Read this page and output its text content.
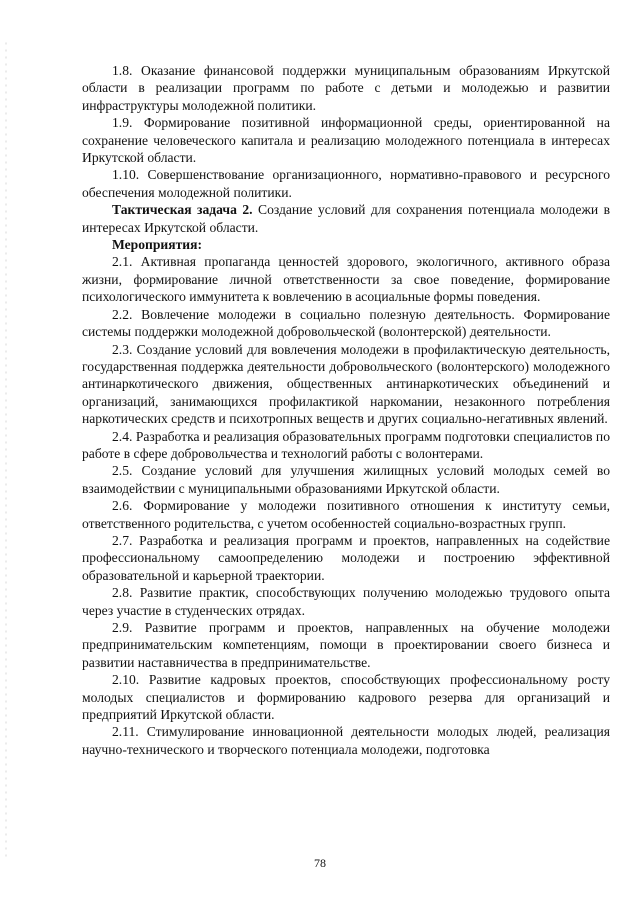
1.8. Оказание финансовой поддержки муниципальным образованиям Иркутской области в реализации программ по работе с детьми и молодежью и развитии инфраструктуры молодежной политики.

1.9. Формирование позитивной информационной среды, ориентированной на сохранение человеческого капитала и реализацию молодежного потенциала в интересах Иркутской области.

1.10. Совершенствование организационного, нормативно-правового и ресурсного обеспечения молодежной политики.

Тактическая задача 2. Создание условий для сохранения потенциала молодежи в интересах Иркутской области.

Мероприятия:

2.1. Активная пропаганда ценностей здорового, экологичного, активного образа жизни, формирование личной ответственности за свое поведение, формирование психологического иммунитета к вовлечению в асоциальные формы поведения.

2.2. Вовлечение молодежи в социально полезную деятельность. Формирование системы поддержки молодежной добровольческой (волонтерской) деятельности.

2.3. Создание условий для вовлечения молодежи в профилактическую деятельность, государственная поддержка деятельности добровольческого (волонтерского) молодежного антинаркотического движения, общественных антинаркотических объединений и организаций, занимающихся профилактикой наркомании, незаконного потребления наркотических средств и психотропных веществ и других социально-негативных явлений.

2.4. Разработка и реализация образовательных программ подготовки специалистов по работе в сфере добровольчества и технологий работы с волонтерами.

2.5. Создание условий для улучшения жилищных условий молодых семей во взаимодействии с муниципальными образованиями Иркутской области.

2.6. Формирование у молодежи позитивного отношения к институту семьи, ответственного родительства, с учетом особенностей социально-возрастных групп.

2.7. Разработка и реализация программ и проектов, направленных на содействие профессиональному самоопределению молодежи и построению эффективной образовательной и карьерной траектории.

2.8. Развитие практик, способствующих получению молодежью трудового опыта через участие в студенческих отрядах.

2.9. Развитие программ и проектов, направленных на обучение молодежи предпринимательским компетенциям, помощи в проектировании своего бизнеса и развитии наставничества в предпринимательстве.

2.10. Развитие кадровых проектов, способствующих профессиональному росту молодых специалистов и формированию кадрового резерва для организаций и предприятий Иркутской области.

2.11. Стимулирование инновационной деятельности молодых людей, реализация научно-технического и творческого потенциала молодежи, подготовка

78
